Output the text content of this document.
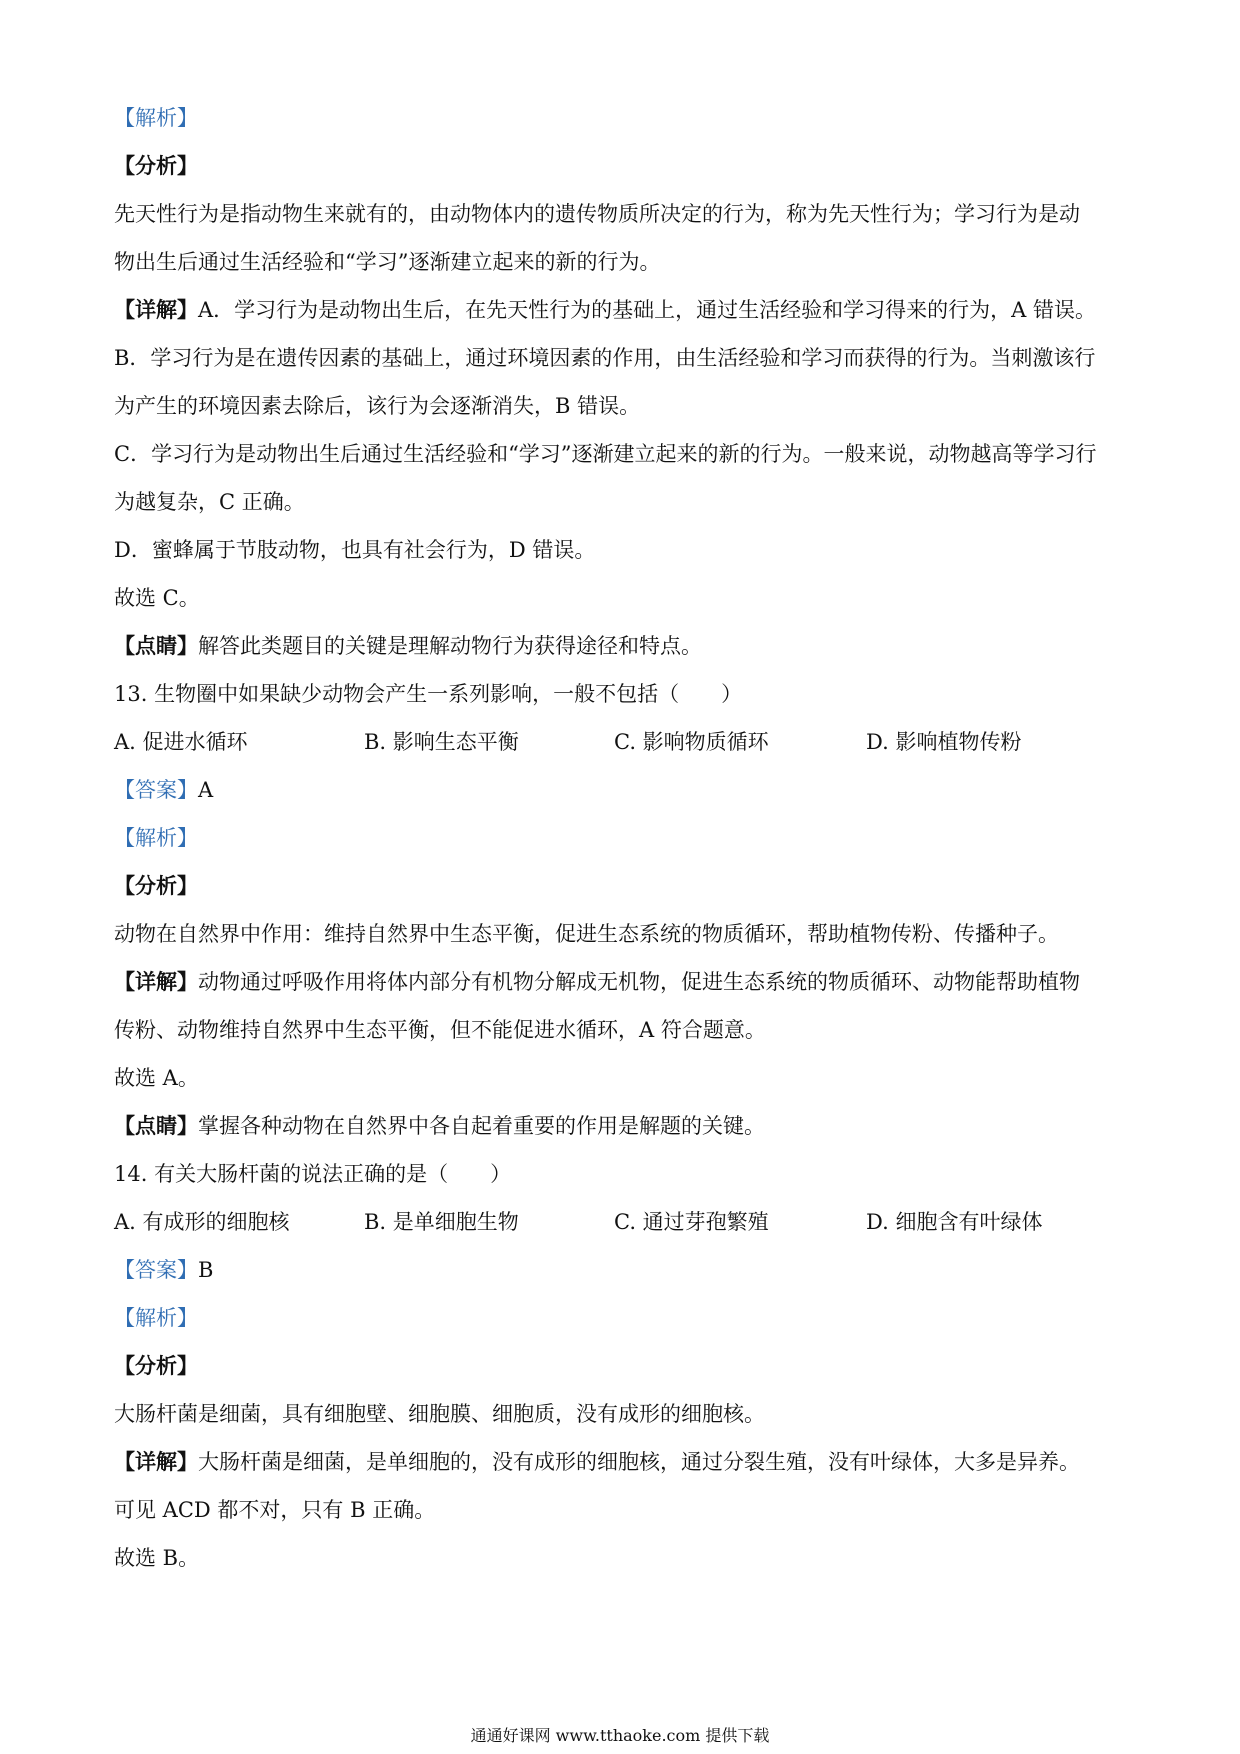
【解析】
【分析】
先天性行为是指动物生来就有的，由动物体内的遗传物质所决定的行为，称为先天性行为；学习行为是动
物出生后通过生活经验和“学习”逐渐建立起来的新的行为。
【详解】A．学习行为是动物出生后，在先天性行为的基础上，通过生活经验和学习得来的行为，A 错误。
B．学习行为是在遗传因素的基础上，通过环境因素的作用，由生活经验和学习而获得的行为。当刺激该行
为产生的环境因素去除后，该行为会逐渐消失，B 错误。
C．学习行为是动物出生后通过生活经验和“学习”逐渐建立起来的新的行为。一般来说，动物越高等学习行
为越复杂，C 正确。
D．蜜蜂属于节肢动物，也具有社会行为，D 错误。
故选 C。
【点睛】解答此类题目的关键是理解动物行为获得途径和特点。
13. 生物圈中如果缺少动物会产生一系列影响，一般不包括（　　）
A. 促进水循环	B. 影响生态平衡	C. 影响物质循环	D. 影响植物传粉
【答案】A
【解析】
【分析】
动物在自然界中作用：维持自然界中生态平衡，促进生态系统的物质循环，帮助植物传粉、传播种子。
【详解】动物通过呼吸作用将体内部分有机物分解成无机物，促进生态系统的物质循环、动物能帮助植物
传粉、动物维持自然界中生态平衡，但不能促进水循环，A 符合题意。
故选 A。
【点睛】掌握各种动物在自然界中各自起着重要的作用是解题的关键。
14. 有关大肠杆菌的说法正确的是（　　）
A. 有成形的细胞核	B. 是单细胞生物	C. 通过芽孢繁殖	D. 细胞含有叶绿体
【答案】B
【解析】
【分析】
大肠杆菌是细菌，具有细胞壁、细胞膜、细胞质，没有成形的细胞核。
【详解】大肠杆菌是细菌，是单细胞的，没有成形的细胞核，通过分裂生殖，没有叶绿体，大多是异养。
可见 ACD 都不对，只有 B 正确。
故选 B。
通通好课网 www.tthaoke.com 提供下载
